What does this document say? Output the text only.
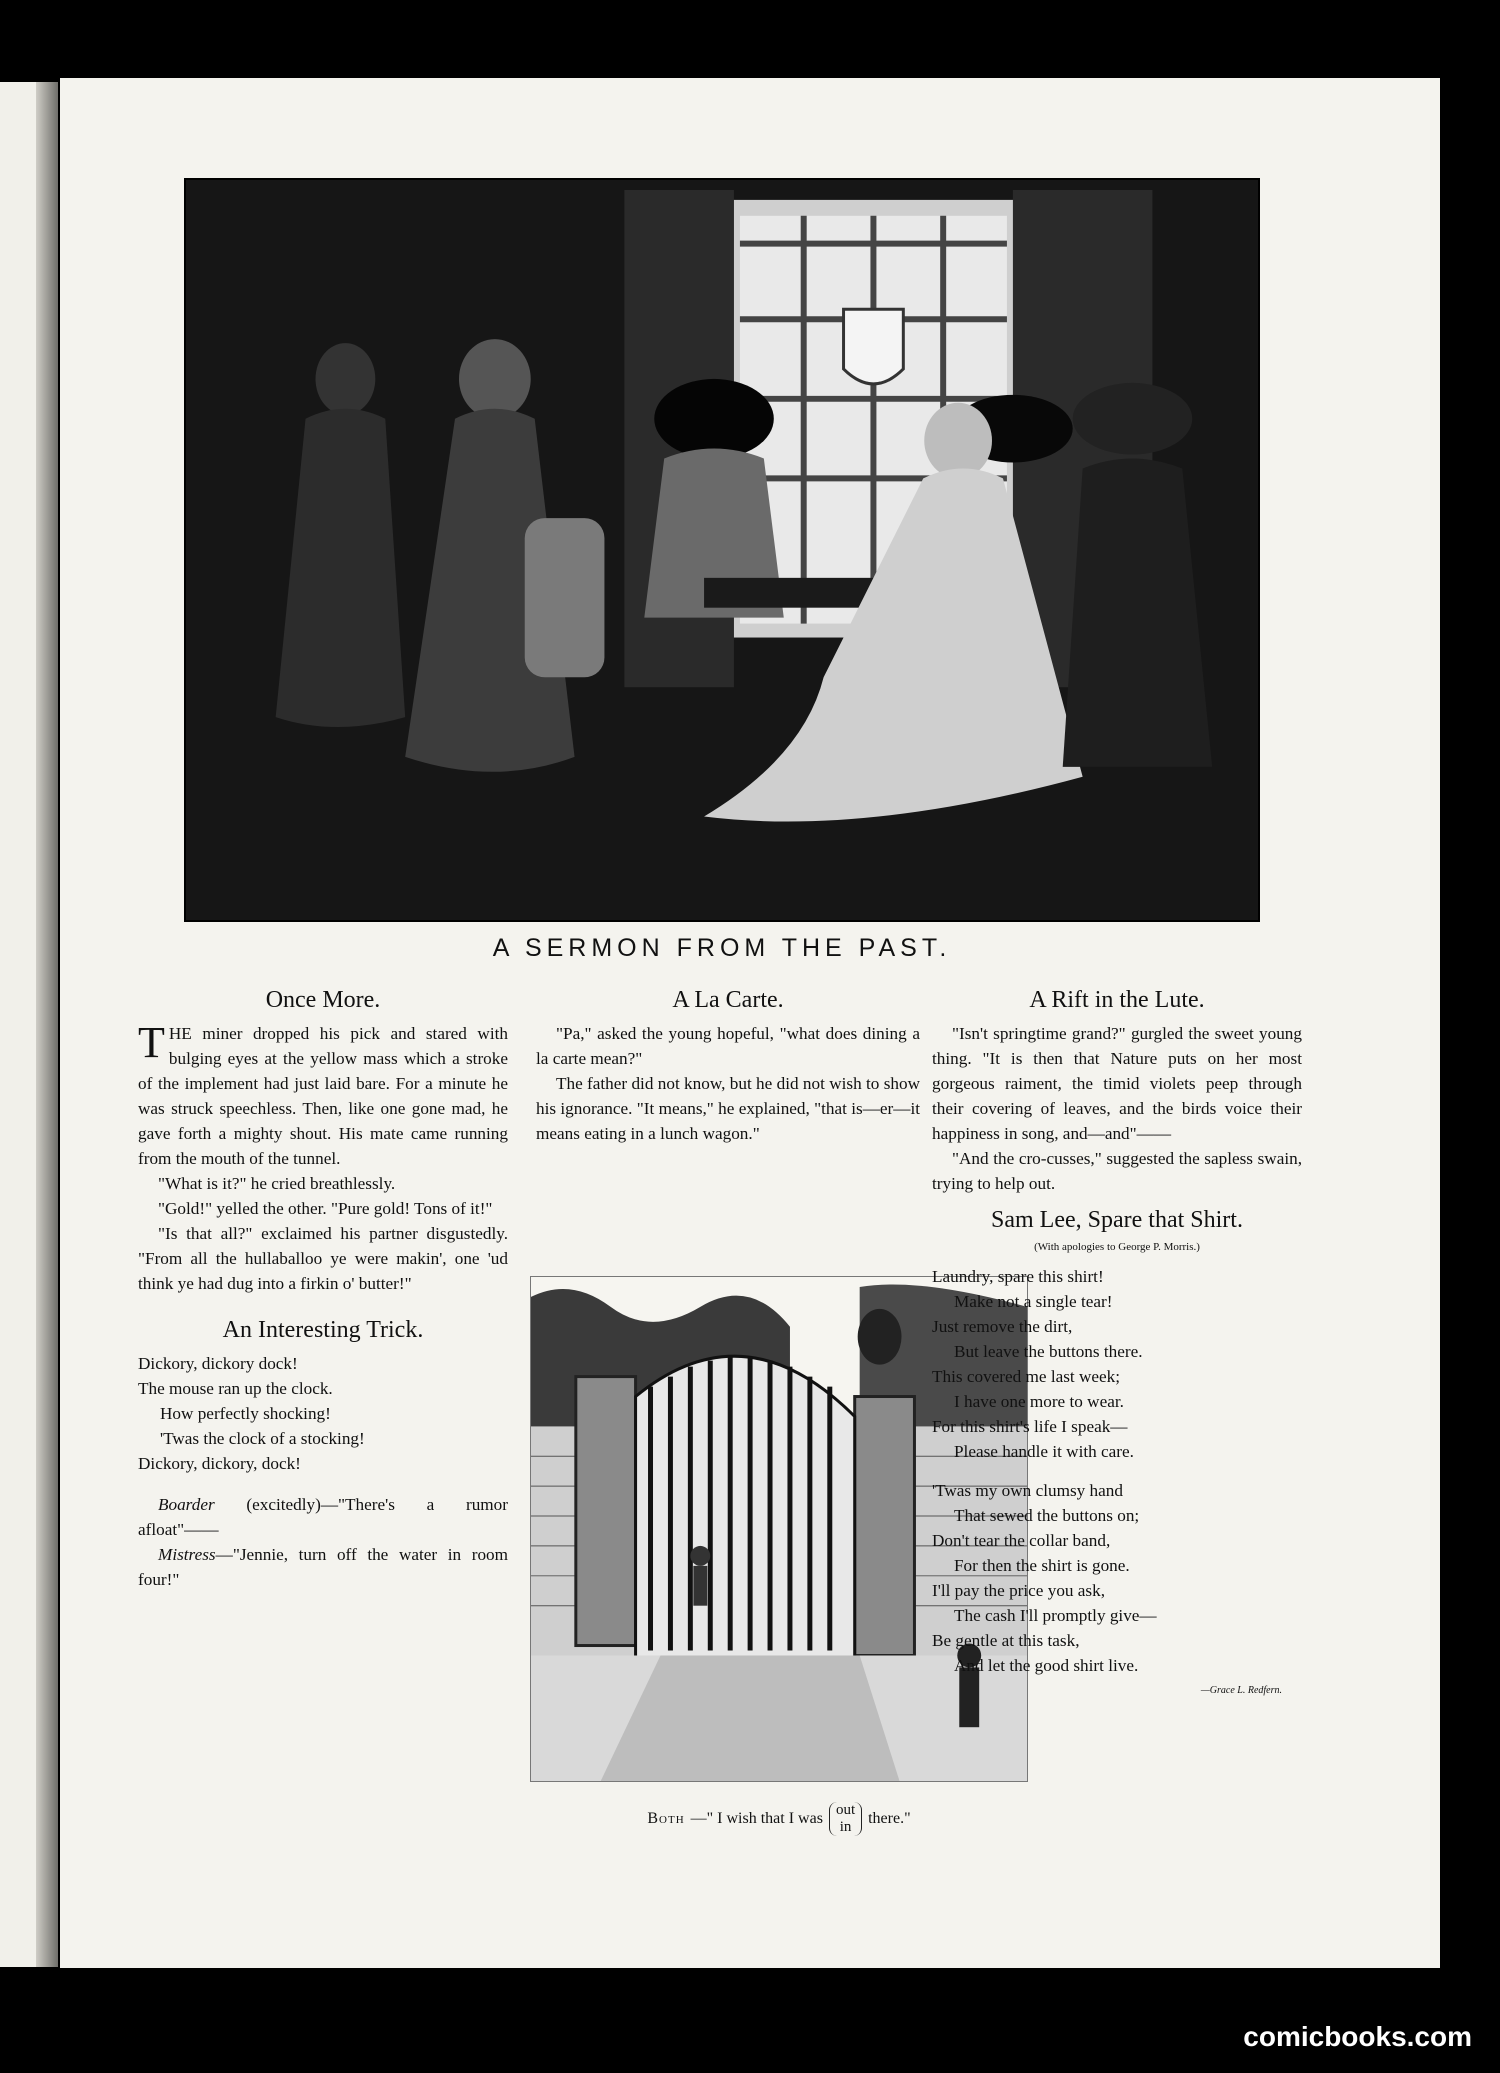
A SERMON FROM THE PAST.
Once More.

THE miner dropped his pick and stared with bulging eyes at the yellow mass which a stroke of the implement had just laid bare. For a minute he was struck speechless. Then, like one gone mad, he gave forth a mighty shout. His mate came running from the mouth of the tunnel.

"What is it?" he cried breathlessly.

"Gold!" yelled the other. "Pure gold! Tons of it!"

"Is that all?" exclaimed his partner disgustedly. "From all the hullaballoo ye were makin', one 'ud think ye had dug into a firkin o' butter!"

An Interesting Trick.
Dickory, dickory dock!
The mouse ran up the clock.
How perfectly shocking!
'Twas the clock of a stocking!
Dickory, dickory, dock!

Boarder (excitedly)—"There's a rumor afloat"——

Mistress—"Jennie, turn off the water in room four!"

A La Carte.

"Pa," asked the young hopeful, "what does dining a la carte mean?"

The father did not know, but he did not wish to show his ignorance. "It means," he explained, "that is—er—it means eating in a lunch wagon."

Both —" I wish that I was out
in there."
A Rift in the Lute.

"Isn't springtime grand?" gurgled the sweet young thing. "It is then that Nature puts on her most gorgeous raiment, the timid violets peep through their covering of leaves, and the birds voice their happiness in song, and—and"——

"And the cro-cusses," suggested the sapless swain, trying to help out.

Sam Lee, Spare that Shirt.
(With apologies to George P. Morris.)
Laundry, spare this shirt!
Make not a single tear!
Just remove the dirt,
But leave the buttons there.
This covered me last week;
I have one more to wear.
For this shirt's life I speak—
Please handle it with care.
'Twas my own clumsy hand
That sewed the buttons on;
Don't tear the collar band,
For then the shirt is gone.
I'll pay the price you ask,
The cash I'll promptly give—
Be gentle at this task,
And let the good shirt live.
—Grace L. Redfern.
comicbooks.com
